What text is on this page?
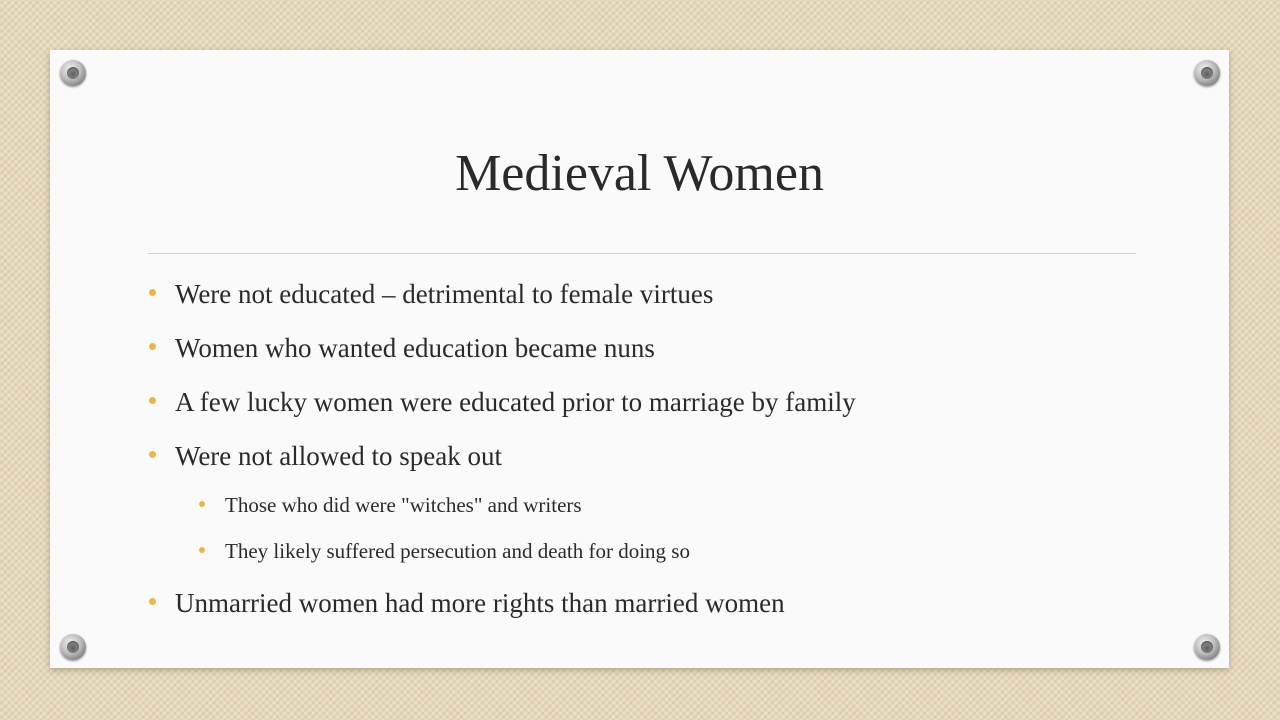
Medieval Women
Were not educated – detrimental to female virtues
Women who wanted education became nuns
A few lucky women were educated prior to marriage by family
Were not allowed to speak out
Those who did were "witches" and writers
They likely suffered persecution and death for doing so
Unmarried women had more rights than married women
